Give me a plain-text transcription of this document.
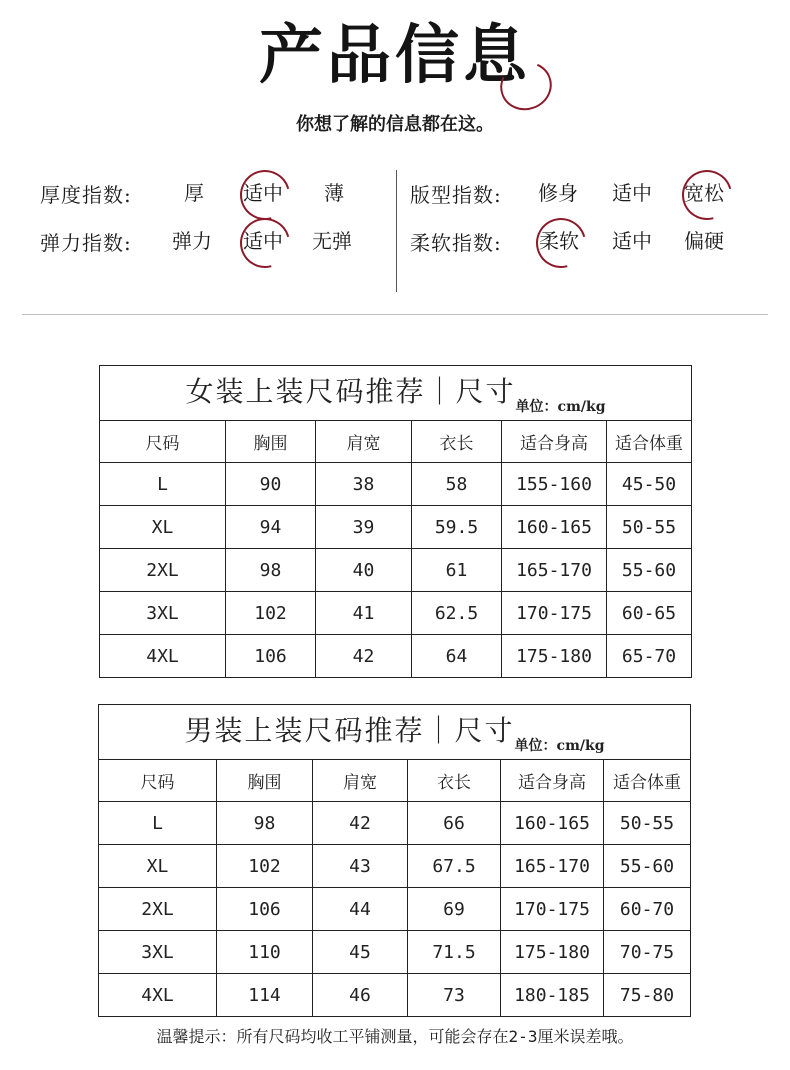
产品信息
你想了解的信息都在这。
厚度指数:	厚 适中 薄
弹力指数: 弹力 适中 无弹
版型指数: 修身 适中 宽松
柔软指数: 柔软 适中 偏硬
女装上装尺码推荐｜尺寸$_{单位:cm/kg}$
尺码	胸围	肩宽	衣长	适合身高	适合体重
L	90	38	58	155-160	45-50
XL	94	39	59.5	160-165	50-55
2XL	98	40	61	165-170	55-60
3XL	102	41	62.5	170-175	60-65
4XL	106	42	64	175-180	65-70
男装上装尺码推荐｜尺寸$_{单位:cm/kg}$
尺码	胸围	肩宽	衣长	适合身高	适合体重
L	98	42	66	160-165	50-55
XL	102	43	67.5	165-170	55-60
2XL	106	44	69	170-175	60-70
3XL	110	45	71.5	175-180	70-75
4XL	114	46	73	180-185	75-80
温馨提示：所有尺码均收工平铺测量，可能会存在2-3厘米误差哦。
